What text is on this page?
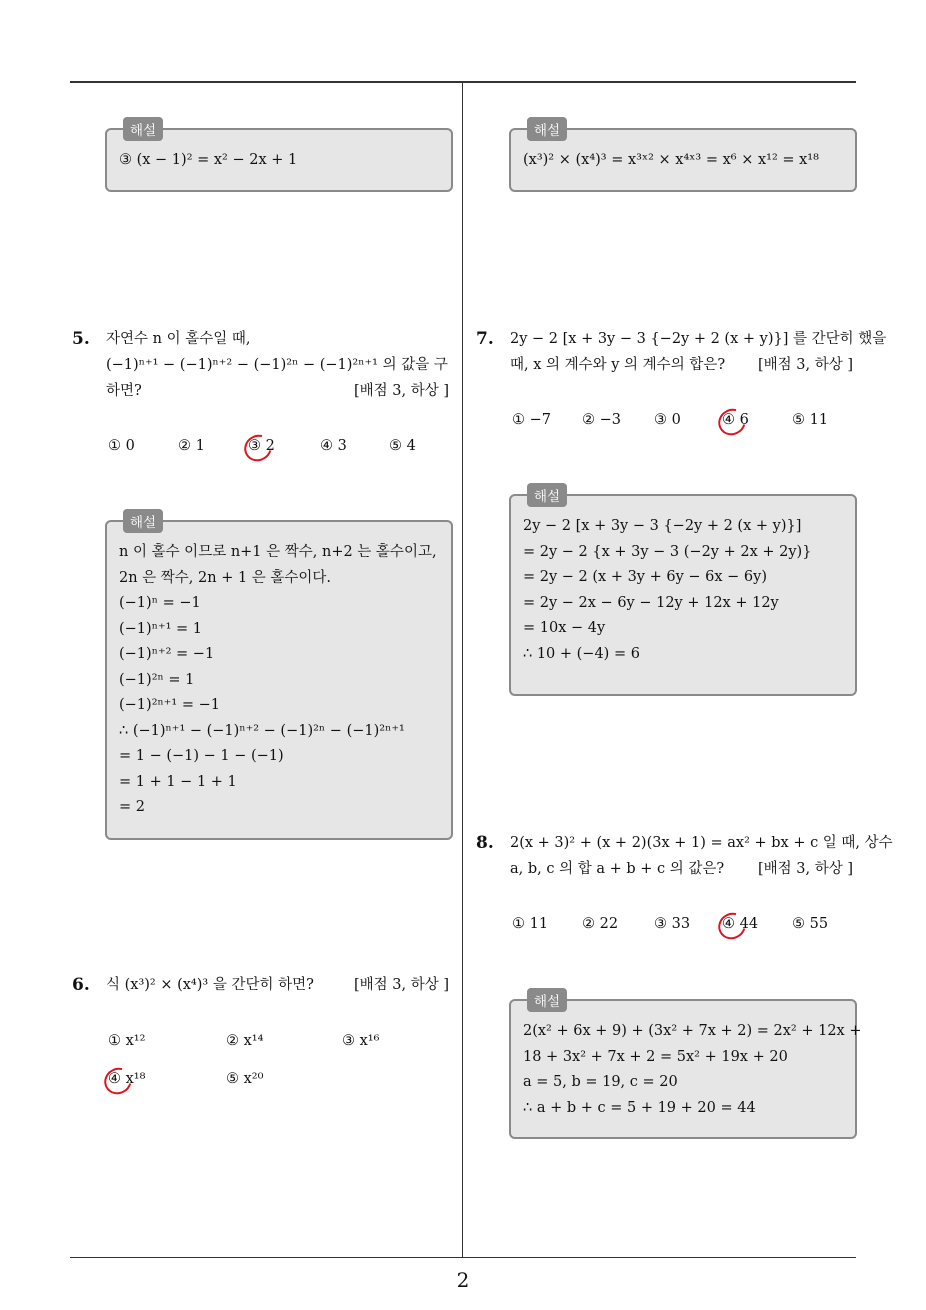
해설
③ (x − 1)² = x² − 2x + 1
해설
(x³)² × (x⁴)³ = x³ˣ² × x⁴ˣ³ = x⁶ × x¹² = x¹⁸
5. 자연수 n 이 홀수일 때,
(−1)ⁿ⁺¹ − (−1)ⁿ⁺² − (−1)²ⁿ − (−1)²ⁿ⁺¹ 의 값을 구
하면?	[배점 3, 하상 ]
① 0	② 1	③ 2	④ 3	⑤ 4
해설
n 이 홀수 이므로 n+1 은 짝수, n+2 는 홀수이고,
2n 은 짝수, 2n + 1 은 홀수이다.
(−1)ⁿ = −1
(−1)ⁿ⁺¹ = 1
(−1)ⁿ⁺² = −1
(−1)²ⁿ = 1
(−1)²ⁿ⁺¹ = −1
∴ (−1)ⁿ⁺¹ − (−1)ⁿ⁺² − (−1)²ⁿ − (−1)²ⁿ⁺¹
= 1 − (−1) − 1 − (−1)
= 1 + 1 − 1 + 1
= 2
6. 식 (x³)² × (x⁴)³ 을 간단히 하면?	[배점 3, 하상 ]
① x¹²	② x¹⁴	③ x¹⁶
④ x¹⁸	⑤ x²⁰
7. 2y − 2 [x + 3y − 3 {−2y + 2 (x + y)}] 를 간단히 했을
때, x 의 계수와 y 의 계수의 합은? [배점 3, 하상 ]
① −7 ② −3 ③ 0	④ 6	⑤ 11
해설
2y − 2 [x + 3y − 3 {−2y + 2 (x + y)}]
= 2y − 2 {x + 3y − 3 (−2y + 2x + 2y)}
= 2y − 2 (x + 3y + 6y − 6x − 6y)
= 2y − 2x − 6y − 12y + 12x + 12y
= 10x − 4y
∴ 10 + (−4) = 6
8. 2(x + 3)² + (x + 2)(3x + 1) = ax² + bx + c 일 때, 상수
a, b, c 의 합 a + b + c 의 값은? [배점 3, 하상 ]
① 11 ② 22 ③ 33 ④ 44 ⑤ 55
해설
2(x² + 6x + 9) + (3x² + 7x + 2) = 2x² + 12x +
18 + 3x² + 7x + 2 = 5x² + 19x + 20
a = 5, b = 19, c = 20
∴ a + b + c = 5 + 19 + 20 = 44
2
